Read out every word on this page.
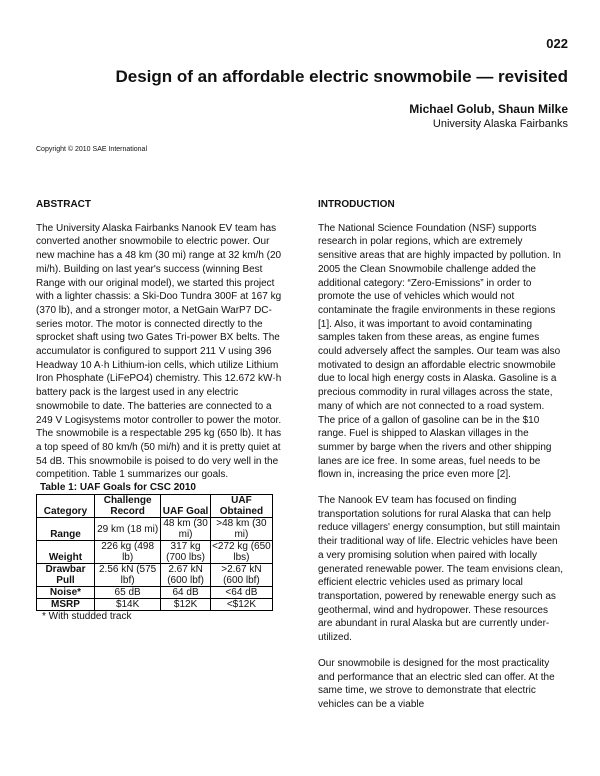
022
Design of an affordable electric snowmobile — revisited
Michael Golub, Shaun Milke
University Alaska Fairbanks
Copyright © 2010 SAE International
ABSTRACT
The University Alaska Fairbanks Nanook EV team has converted another snowmobile to electric power. Our new machine has a 48 km (30 mi) range at 32 km/h (20 mi/h). Building on last year's success (winning Best Range with our original model), we started this project with a lighter chassis: a Ski-Doo Tundra 300F at 167 kg (370 lb), and a stronger motor, a NetGain WarP7 DC-series motor. The motor is connected directly to the sprocket shaft using two Gates Tri-power BX belts. The accumulator is configured to support 211 V using 396 Headway 10 A·h Lithium-ion cells, which utilize Lithium Iron Phosphate (LiFePO4) chemistry. This 12.672 kW·h battery pack is the largest used in any electric snowmobile to date. The batteries are connected to a 249 V Logisystems motor controller to power the motor. The snowmobile is a respectable 295 kg (650 lb). It has a top speed of 80 km/h (50 mi/h) and it is pretty quiet at 54 dB. This snowmobile is poised to do very well in the competition. Table 1 summarizes our goals.
Table 1: UAF Goals for CSC 2010
Category	Challenge Record	UAF Goal	UAF Obtained
Range	29 km (18 mi)	48 km (30 mi)	>48 km (30 mi)
Weight	226 kg (498 lb)	317 kg (700 lbs)	<272 kg (650 lbs)
Drawbar Pull	2.56 kN (575 lbf)	2.67 kN (600 lbf)	>2.67 kN (600 lbf)
Noise*	65 dB	64 dB	<64 dB
MSRP	$14K	$12K	<$12K
* With studded track
INTRODUCTION
The National Science Foundation (NSF) supports research in polar regions, which are extremely sensitive areas that are highly impacted by pollution. In 2005 the Clean Snowmobile challenge added the additional category: “Zero-Emissions” in order to promote the use of vehicles which would not contaminate the fragile environments in these regions [1]. Also, it was important to avoid contaminating samples taken from these areas, as engine fumes could adversely affect the samples. Our team was also motivated to design an affordable electric snowmobile due to local high energy costs in Alaska. Gasoline is a precious commodity in rural villages across the state, many of which are not connected to a road system. The price of a gallon of gasoline can be in the $10 range. Fuel is shipped to Alaskan villages in the summer by barge when the rivers and other shipping lanes are ice free. In some areas, fuel needs to be flown in, increasing the price even more [2].
The Nanook EV team has focused on finding transportation solutions for rural Alaska that can help reduce villagers' energy consumption, but still maintain their traditional way of life. Electric vehicles have been a very promising solution when paired with locally generated renewable power. The team envisions clean, efficient electric vehicles used as primary local transportation, powered by renewable energy such as geothermal, wind and hydropower. These resources are abundant in rural Alaska but are currently under-utilized.
Our snowmobile is designed for the most practicality and performance that an electric sled can offer. At the same time, we strove to demonstrate that electric vehicles can be a viable
